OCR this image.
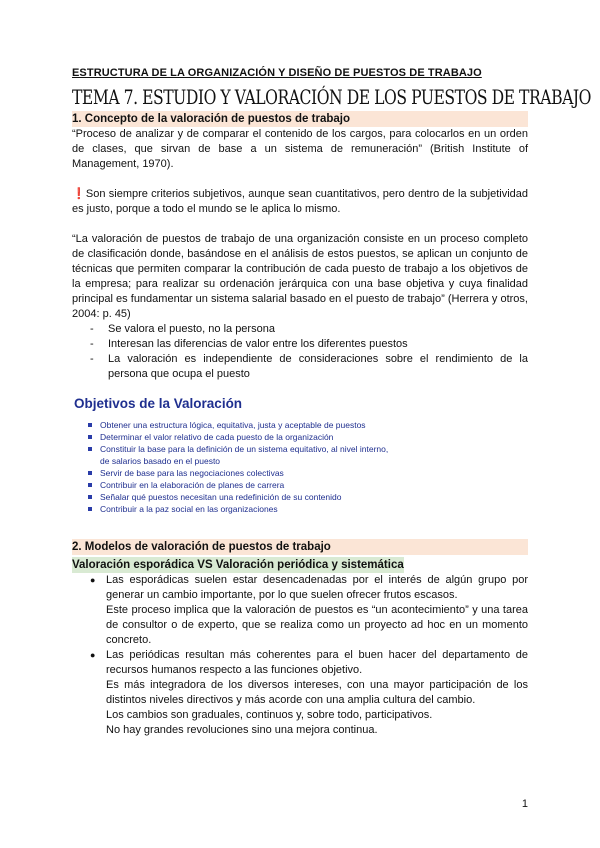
ESTRUCTURA DE LA ORGANIZACIÓN Y DISEÑO DE PUESTOS DE TRABAJO

TEMA 7. ESTUDIO Y VALORACIÓN DE LOS PUESTOS DE TRABAJO
1. Concepto de la valoración de puestos de trabajo

“Proceso de analizar y de comparar el contenido de los cargos, para colocarlos en un orden de clases, que sirvan de base a un sistema de remuneración” (British Institute of Management, 1970).

❗Son siempre criterios subjetivos, aunque sean cuantitativos, pero dentro de la subjetividad es justo, porque a todo el mundo se le aplica lo mismo.

“La valoración de puestos de trabajo de una organización consiste en un proceso completo de clasificación donde, basándose en el análisis de estos puestos, se aplican un conjunto de técnicas que permiten comparar la contribución de cada puesto de trabajo a los objetivos de la empresa; para realizar su ordenación jerárquica con una base objetiva y cuya finalidad principal es fundamentar un sistema salarial basado en el puesto de trabajo” (Herrera y otros, 2004: p. 45)

- Se valora el puesto, no la persona
- Interesan las diferencias de valor entre los diferentes puestos
- La valoración es independiente de consideraciones sobre el rendimiento de la persona que ocupa el puesto
Objetivos de la Valoración
Obtener una estructura lógica, equitativa, justa y aceptable de puestos
Determinar el valor relativo de cada puesto de la organización
Constituir la base para la definición de un sistema equitativo, al nivel interno, de salarios basado en el puesto
Servir de base para las negociaciones colectivas
Contribuir en la elaboración de planes de carrera
Señalar qué puestos necesitan una redefinición de su contenido
Contribuir a la paz social en las organizaciones
2. Modelos de valoración de puestos de trabajo
Valoración esporádica VS Valoración periódica y sistemática
● Las esporádicas suelen estar desencadenadas por el interés de algún grupo por generar un cambio importante, por lo que suelen ofrecer frutos escasos.
Este proceso implica que la valoración de puestos es “un acontecimiento” y una tarea de consultor o de experto, que se realiza como un proyecto ad hoc en un momento concreto.
● Las periódicas resultan más coherentes para el buen hacer del departamento de recursos humanos respecto a las funciones objetivo.
Es más integradora de los diversos intereses, con una mayor participación de los distintos niveles directivos y más acorde con una amplia cultura del cambio.
Los cambios son graduales, continuos y, sobre todo, participativos.
No hay grandes revoluciones sino una mejora continua.
1
